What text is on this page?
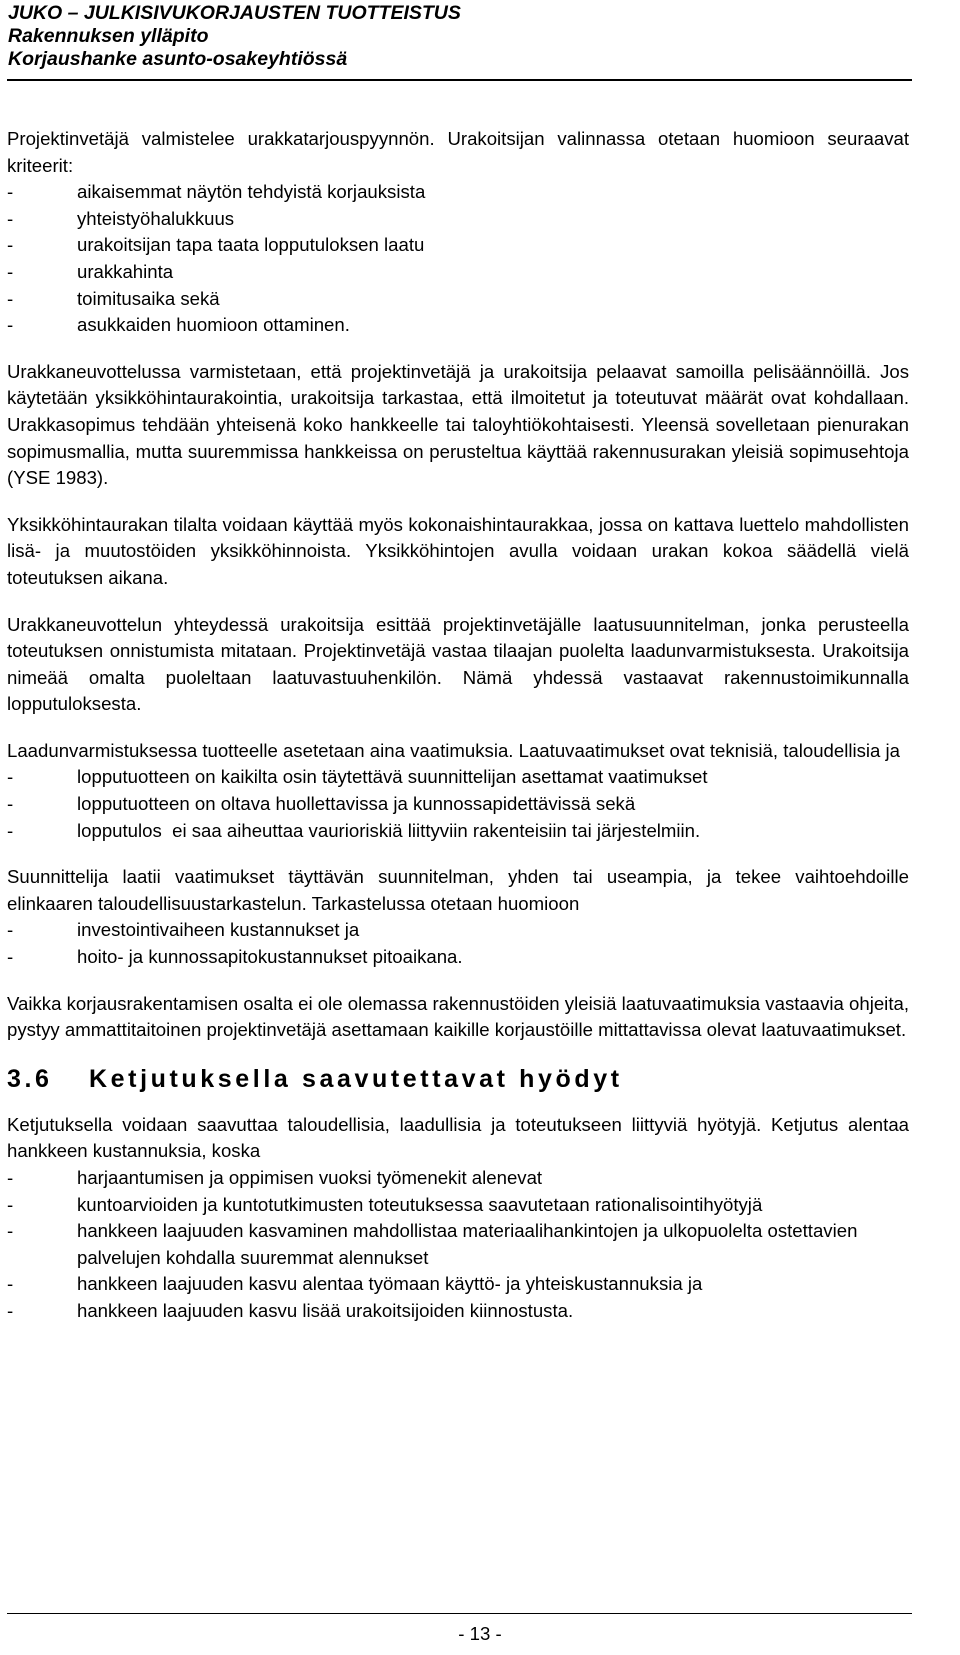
JUKO – JULKISIVUKORJAUSTEN TUOTTEISTUS
Rakennuksen ylläpito
Korjaushanke asunto-osakeyhtiössä

Projektinvetäjä valmistelee urakkatarjouspyynnön. Urakoitsijan valinnassa otetaan huomioon seuraavat kriteerit:

-	aikaisemmat näytön tehdyistä korjauksista
-	yhteistyöhalukkuus
-	urakoitsijan tapa taata lopputuloksen laatu
-	urakkahinta
-	toimitusaika sekä
-	asukkaiden huomioon ottaminen.

Urakkaneuvottelussa varmistetaan, että projektinvetäjä ja urakoitsija pelaavat samoilla pelisäännöillä. Jos käytetään yksikköhintaurakointia, urakoitsija tarkastaa, että ilmoitetut ja toteutuvat määrät ovat kohdallaan. Urakkasopimus tehdään yhteisenä koko hankkeelle tai taloyhtiökohtaisesti. Yleensä sovelletaan pienurakan sopimusmallia, mutta suuremmissa hankkeissa on perusteltua käyttää rakennusurakan yleisiä sopimusehtoja (YSE 1983).

Yksikköhintaurakan tilalta voidaan käyttää myös kokonaishintaurakkaa, jossa on kattava luettelo mahdollisten lisä- ja muutostöiden yksikköhinnoista. Yksikköhintojen avulla voidaan urakan kokoa säädellä vielä toteutuksen aikana.

Urakkaneuvottelun yhteydessä urakoitsija esittää projektinvetäjälle laatusuunnitelman, jonka perusteella toteutuksen onnistumista mitataan. Projektinvetäjä vastaa tilaajan puolelta laadunvarmistuksesta. Urakoitsija nimeää omalta puoleltaan laatuvastuuhenkilön. Nämä yhdessä vastaavat rakennustoimikunnalla lopputuloksesta.

Laadunvarmistuksessa tuotteelle asetetaan aina vaatimuksia. Laatuvaatimukset ovat teknisiä, taloudellisia ja

-	lopputuotteen on kaikilta osin täytettävä suunnittelijan asettamat vaatimukset
-	lopputuotteen on oltava huollettavissa ja kunnossapidettävissä sekä
-	lopputulos  ei saa aiheuttaa vaurioriskiä liittyviin rakenteisiin tai järjestelmiin.

Suunnittelija laatii vaatimukset täyttävän suunnitelman, yhden tai useampia, ja tekee vaihtoehdoille elinkaaren taloudellisuustarkastelun. Tarkastelussa otetaan huomioon

-	investointivaiheen kustannukset ja
-	hoito- ja kunnossapitokustannukset pitoaikana.

Vaikka korjausrakentamisen osalta ei ole olemassa rakennustöiden yleisiä laatuvaatimuksia vastaavia ohjeita, pystyy ammattitaitoinen projektinvetäjä asettamaan kaikille korjaustöille mittattavissa olevat laatuvaatimukset.

3.6 Ketjutuksella saavutettavat hyödyt

Ketjutuksella voidaan saavuttaa taloudellisia, laadullisia ja toteutukseen liittyviä hyötyjä. Ketjutus alentaa hankkeen kustannuksia, koska

-	harjaantumisen ja oppimisen vuoksi työmenekit alenevat
-	kuntoarvioiden ja kuntotutkimusten toteutuksessa saavutetaan rationalisointihyötyjä
-	hankkeen laajuuden kasvaminen mahdollistaa materiaalihankintojen ja ulkopuolelta ostettavien palvelujen kohdalla suuremmat alennukset
-	hankkeen laajuuden kasvu alentaa työmaan käyttö- ja yhteiskustannuksia ja
-	hankkeen laajuuden kasvu lisää urakoitsijoiden kiinnostusta.
- 13 -
